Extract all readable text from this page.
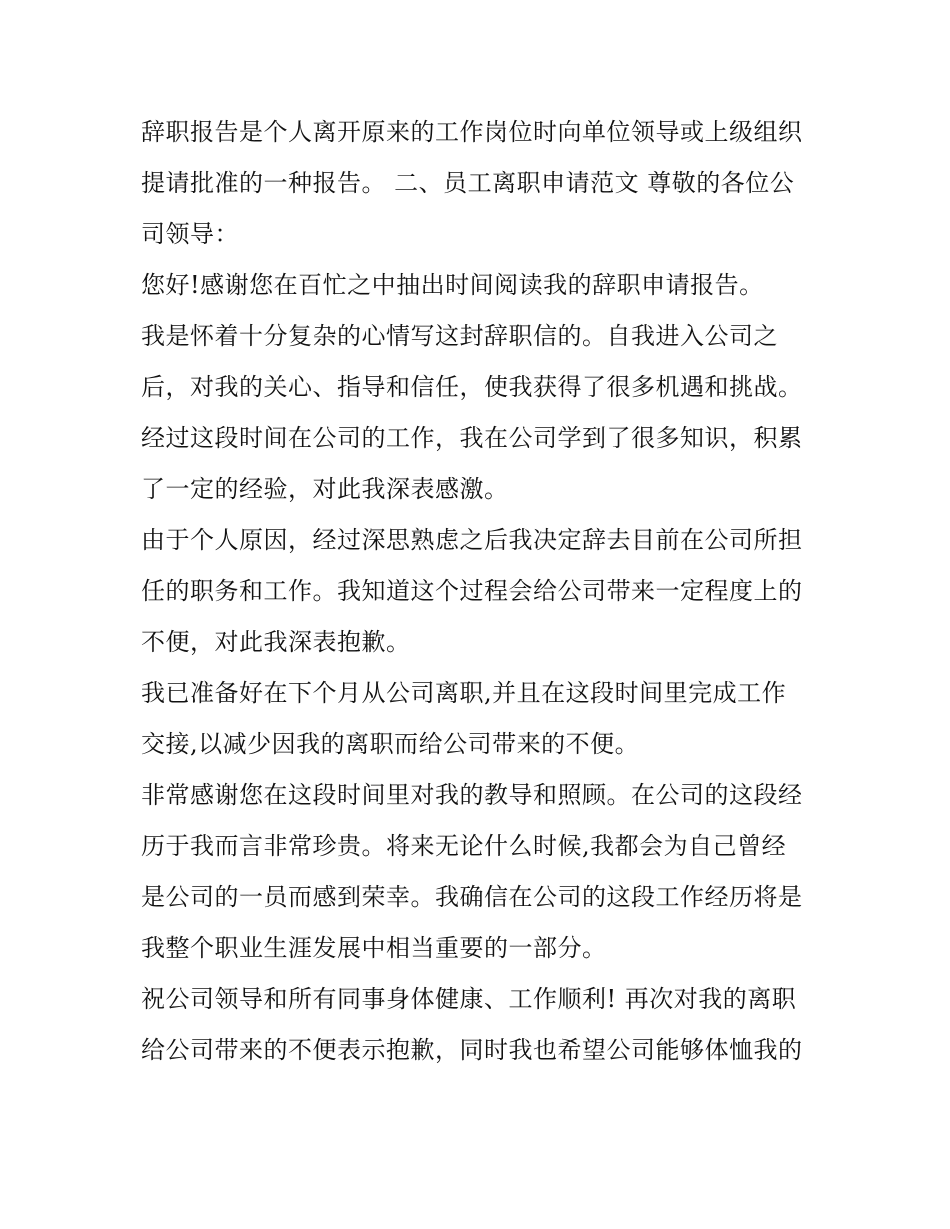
辞职报告是个人离开原来的工作岗位时向单位领导或上级组织
提请批准的一种报告。 二、员工离职申请范文 尊敬的各位公
司领导：
您好!感谢您在百忙之中抽出时间阅读我的辞职申请报告。
我是怀着十分复杂的心情写这封辞职信的。自我进入公司之
后，对我的关心、指导和信任，使我获得了很多机遇和挑战。
经过这段时间在公司的工作，我在公司学到了很多知识，积累
了一定的经验，对此我深表感激。
由于个人原因，经过深思熟虑之后我决定辞去目前在公司所担
任的职务和工作。我知道这个过程会给公司带来一定程度上的
不便，对此我深表抱歉。
我已准备好在下个月从公司离职,并且在这段时间里完成工作
交接,以减少因我的离职而给公司带来的不便。
非常感谢您在这段时间里对我的教导和照顾。在公司的这段经
历于我而言非常珍贵。将来无论什么时候,我都会为自己曾经
是公司的一员而感到荣幸。我确信在公司的这段工作经历将是
我整个职业生涯发展中相当重要的一部分。
祝公司领导和所有同事身体健康、工作顺利! 再次对我的离职
给公司带来的不便表示抱歉，同时我也希望公司能够体恤我的
